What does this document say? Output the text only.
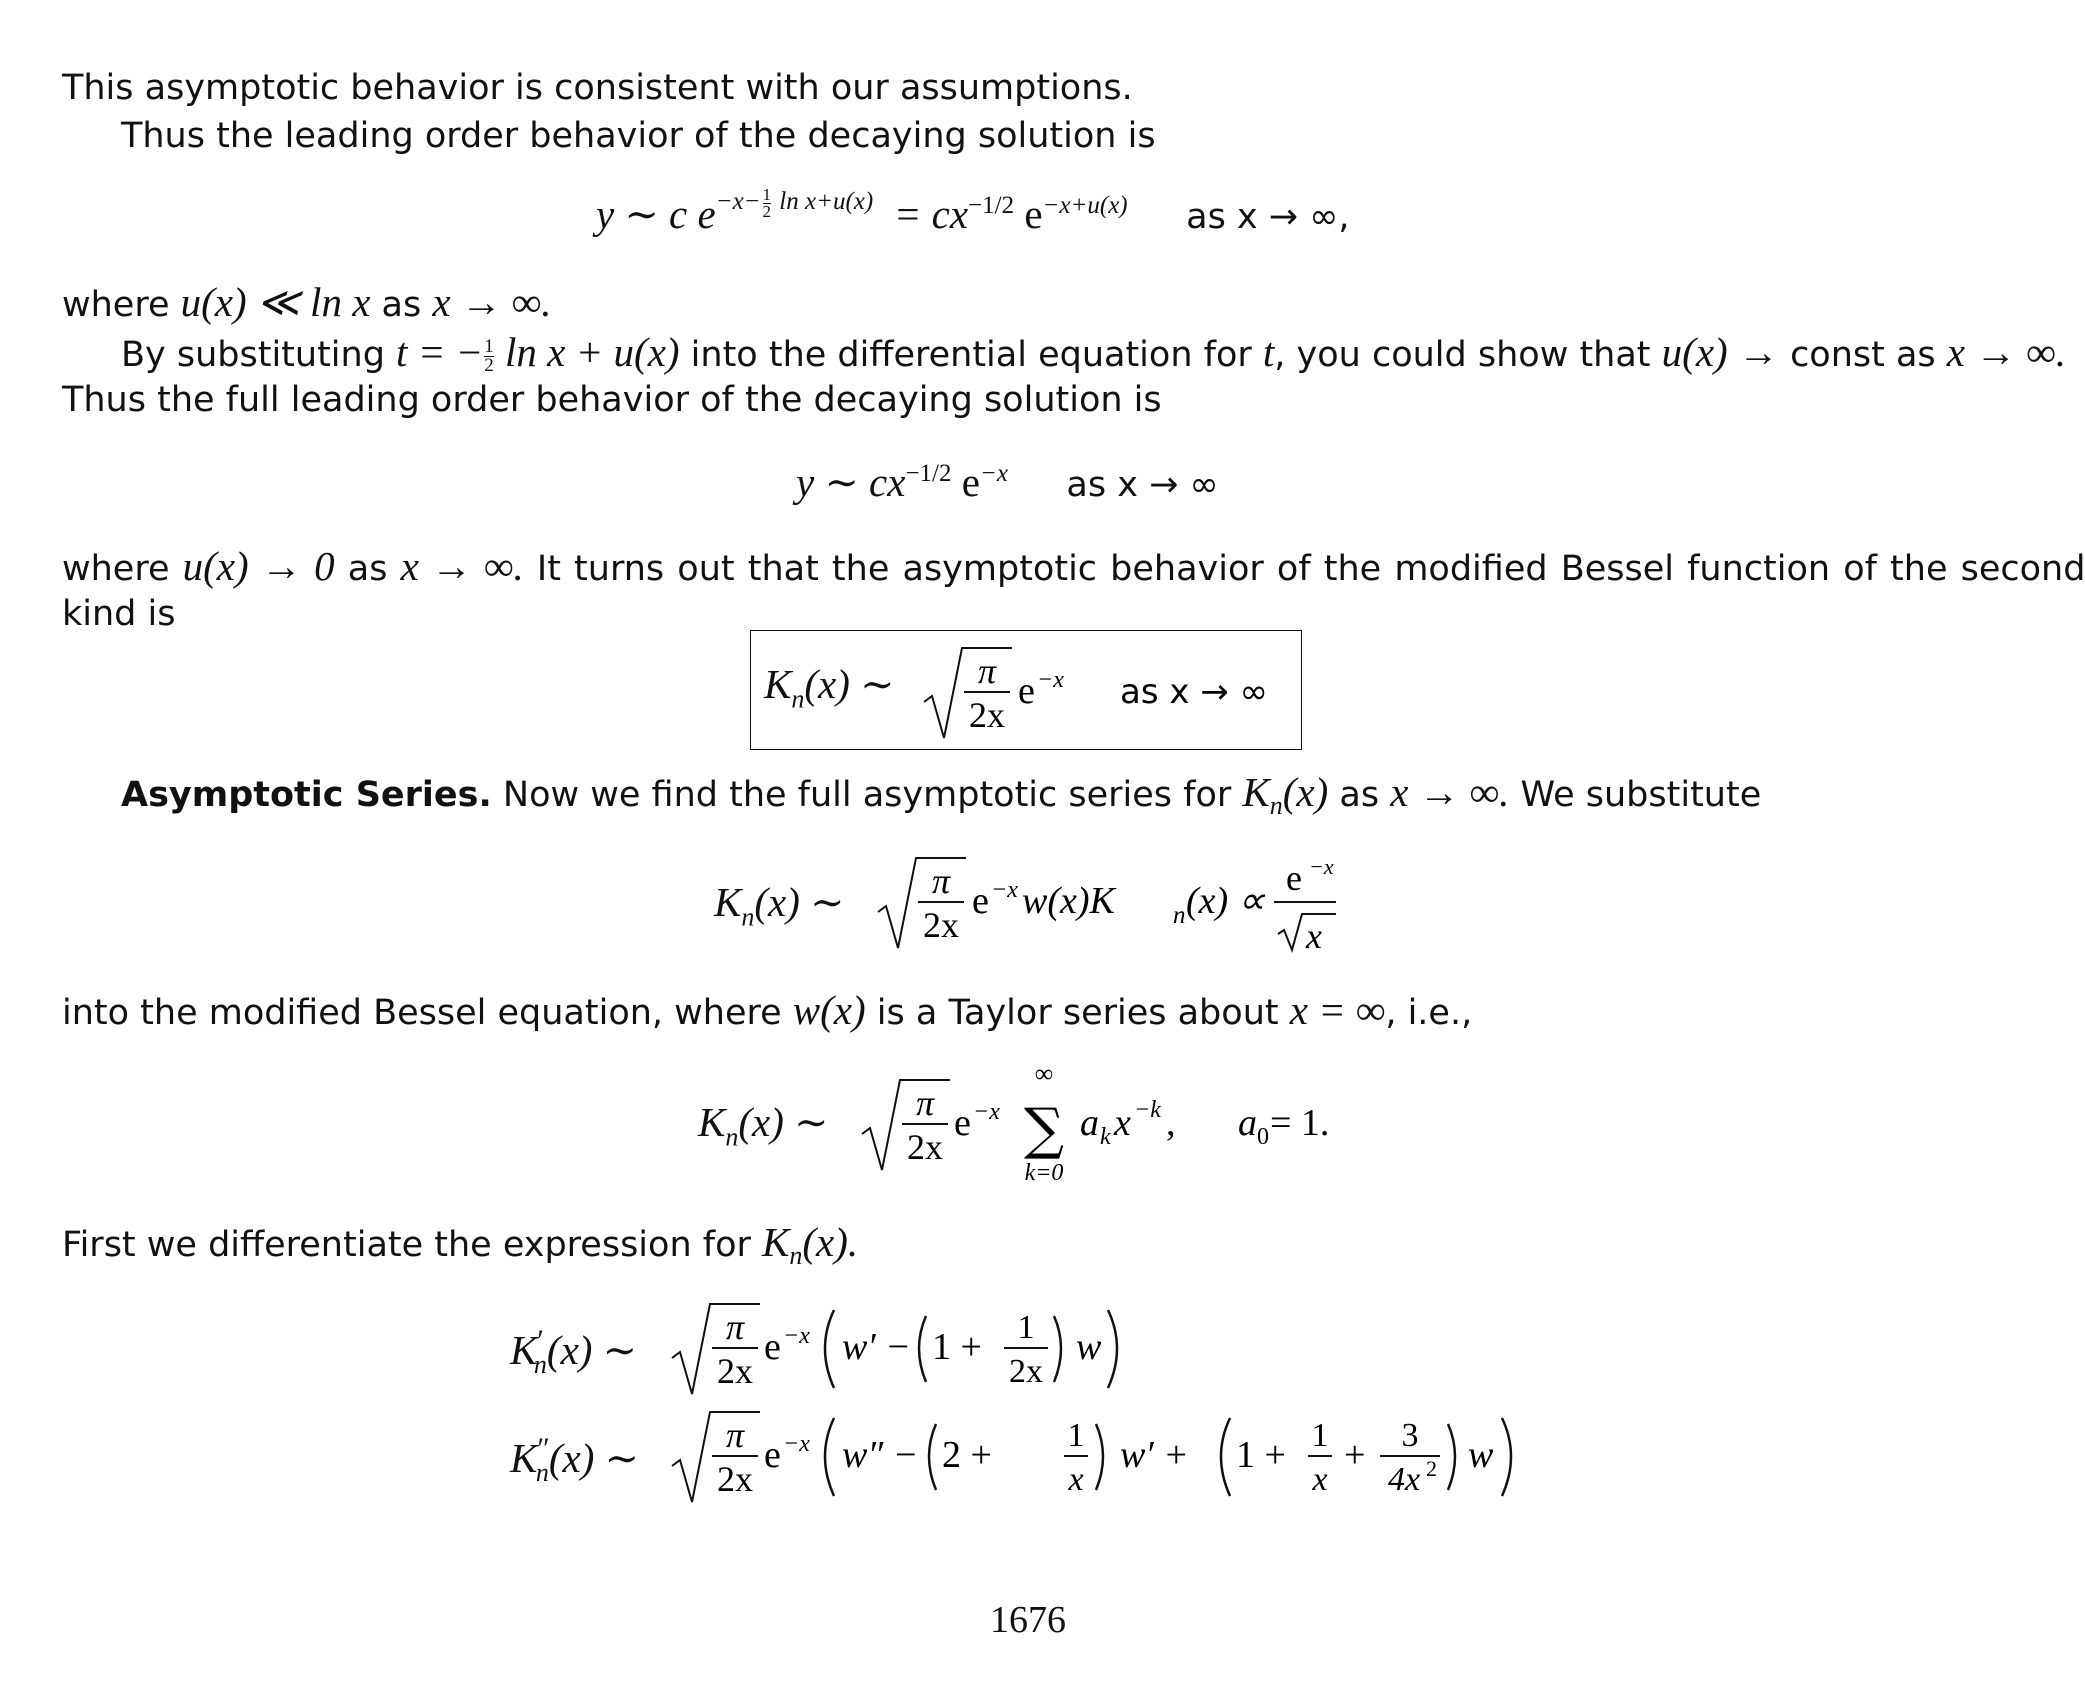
This asymptotic behavior is consistent with our assumptions.
Thus the leading order behavior of the decaying solution is
y ∼ c $e^{-x- \frac{1}{2} ln x+u(x)} = cx^{-1/2}$ $e^{-x+u(x)}$ as x → ∞,
where u(x) ≪ ln x as x → ∞.
By substituting t = − $\frac{1}{2}$ ln x + u(x) into the differential equation for t, you could show that u(x) → const as x → ∞.
Thus the full leading order behavior of the decaying solution is
y ∼ $cx^{-1/2}$ $e^{-x}$ as x → ∞
where u(x) → 0 as x → ∞. It turns out that the asymptotic behavior of the modified Bessel function of the second
kind is
$K_n(x)$ ∼ π
2x
e −x as x → ∞
Asymptotic Series. Now we find the full asymptotic series for $K_n(x)$ as x → ∞. We substitute
$K_n(x)$ ∼ π
2x
e −x w(x)K n (x) ∝
e −x
x
into the modified Bessel equation, where w(x) is a Taylor series about x = ∞, i.e.,
$K_n(x)$ ∼ π
2x
e −x
∞
∑
k=0
a k x −k , a 0 = 1.
First we differentiate the expression for $K_n(x)$.
$K'_n(x)$ ∼ π
2x
e −x w′ − 1 + 1
2x
w
$K''_n(x)$ ∼ π
2x
e −x w″ − 2 + 1
x
w′ + 1 + 1
x
+ 3
4x 2 w
1676
